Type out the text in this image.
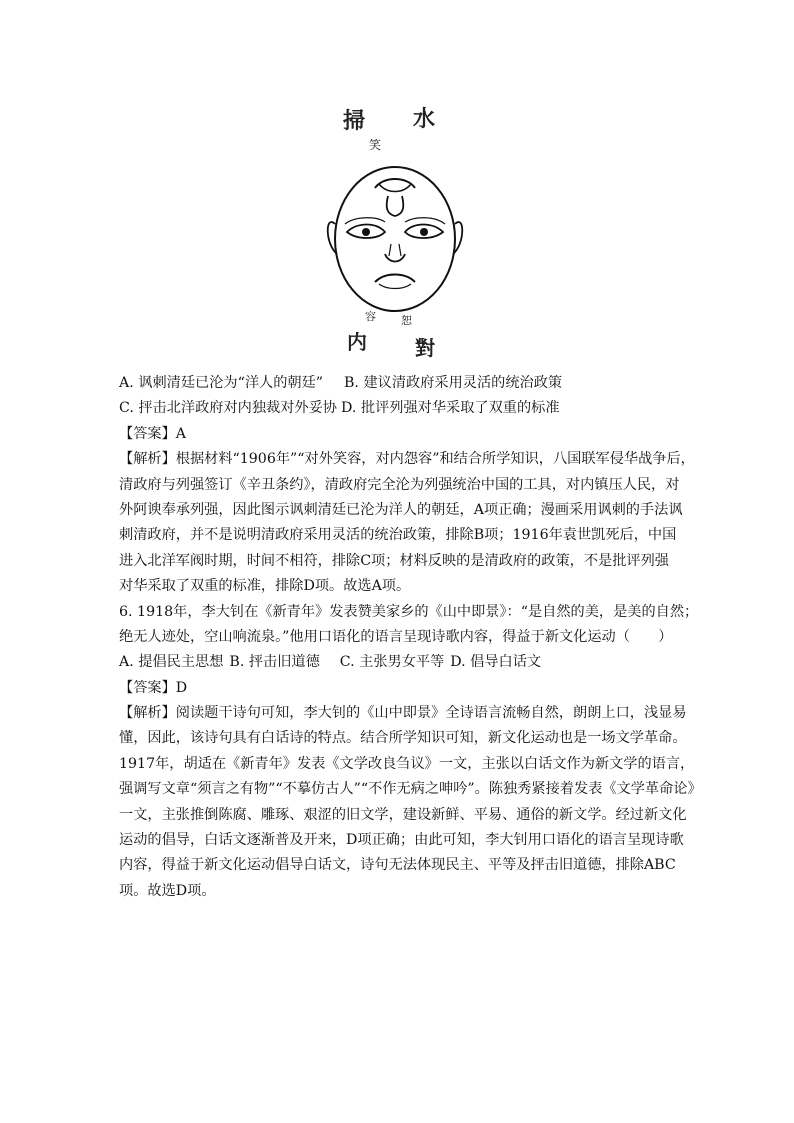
掃 水
笑
容 恕
内 對
A. 讽刺清廷已沦为“洋人的朝廷” B. 建议清政府采用灵活的统治政策
C. 抨击北洋政府对内独裁对外妥协 D. 批评列强对华采取了双重的标准
【答案】A
【解析】根据材料“1906年”“对外笑容，对内怨容”和结合所学知识，八国联军侵华战争后，
清政府与列强签订《辛丑条约》，清政府完全沦为列强统治中国的工具，对内镇压人民，对
外阿谀奉承列强，因此图示讽刺清廷已沦为洋人的朝廷，A项正确；漫画采用讽刺的手法讽
刺清政府，并不是说明清政府采用灵活的统治政策，排除B项；1916年袁世凯死后，中国
进入北洋军阀时期，时间不相符，排除C项；材料反映的是清政府的政策，不是批评列强
对华采取了双重的标准，排除D项。故选A项。
6. 1918年，李大钊在《新青年》发表赞美家乡的《山中即景》：“是自然的美，是美的自然；
绝无人迹处，空山响流泉。”他用口语化的语言呈现诗歌内容，得益于新文化运动（　　）
A. 提倡民主思想 B. 抨击旧道德 C. 主张男女平等 D. 倡导白话文
【答案】D
【解析】阅读题干诗句可知，李大钊的《山中即景》全诗语言流畅自然，朗朗上口，浅显易
懂，因此，该诗句具有白话诗的特点。结合所学知识可知，新文化运动也是一场文学革命。
1917年，胡适在《新青年》发表《文学改良刍议》一文，主张以白话文作为新文学的语言，
强调写文章“须言之有物”“不摹仿古人”“不作无病之呻吟”。陈独秀紧接着发表《文学革命论》
一文，主张推倒陈腐、雕琢、艰涩的旧文学，建设新鲜、平易、通俗的新文学。经过新文化
运动的倡导，白话文逐渐普及开来，D项正确；由此可知，李大钊用口语化的语言呈现诗歌
内容，得益于新文化运动倡导白话文，诗句无法体现民主、平等及抨击旧道德，排除ABC
项。故选D项。
